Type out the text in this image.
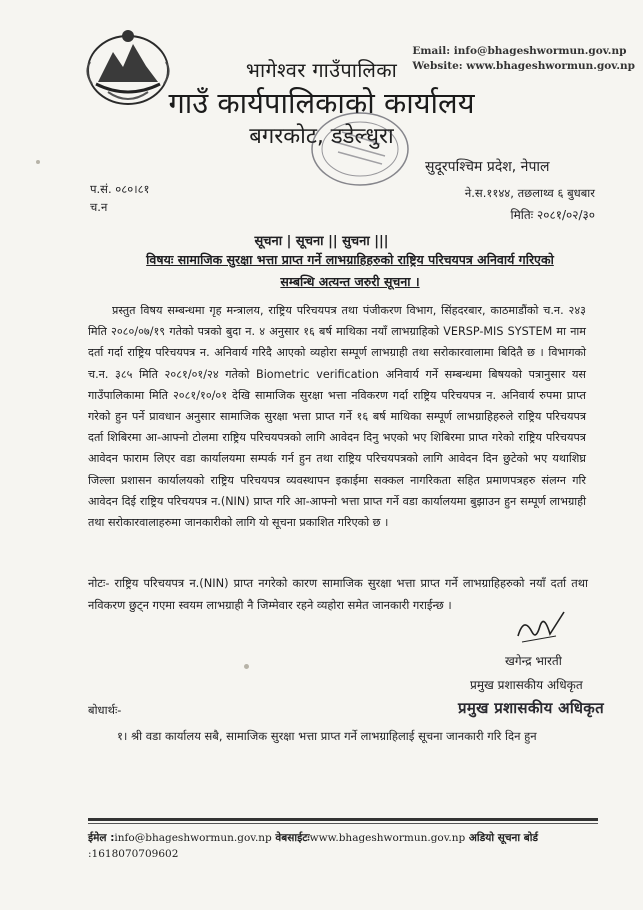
Email: info@bhageshwormun.gov.np
Website: www.bhageshwormun.gov.np
भागेश्वर गाउँपालिका
गाउँ कार्यपालिकाको कार्यालय
बगरकोट, डडेल्धुरा
सुदूरपश्चिम प्रदेश, नेपाल
प.सं. ०८०।८१
च.न
ने.स.११४४, तछलाथ्व ६ बुधबार
मितिः २०८१/०२/३०
सूचना | सूचना || सुचना |||
विषयः सामाजिक सुरक्षा भत्ता प्राप्त गर्ने लाभग्राहिहरुको राष्ट्रिय परिचयपत्र अनिवार्य गरिएको
सम्बन्धि अत्यन्त जरुरी सूचना ।
प्रस्तुत विषय सम्बन्धमा गृह मन्त्रालय, राष्ट्रिय परिचयपत्र तथा पंजीकरण विभाग, सिंहदरबार, काठमाडौंको च.न. २४३ मिति २०८०/०७/१९ गतेको पत्रको बुदा न. ४ अनुसार १६ बर्ष माथिका नयाँ लाभग्राहिको VERSP-MIS SYSTEM मा नाम दर्ता गर्दा राष्ट्रिय परिचयपत्र न. अनिवार्य गरिदै आएको व्यहोरा सम्पूर्ण लाभग्राही तथा सरोकारवालामा बिदितै छ । विभागको च.न. ३८५ मिति २०८१/०१/२४ गतेको Biometric verification अनिवार्य गर्ने सम्बन्धमा बिषयको पत्रानुसार यस गाउँपालिकामा मिति २०८१/१०/०१ देखि सामाजिक सुरक्षा भत्ता नविकरण गर्दा राष्ट्रिय परिचयपत्र न. अनिवार्य रुपमा प्राप्त गरेको हुन पर्ने प्रावधान अनुसार सामाजिक सुरक्षा भत्ता प्राप्त गर्ने १६ बर्ष माथिका सम्पूर्ण लाभग्राहिहरुले राष्ट्रिय परिचयपत्र दर्ता शिबिरमा आ-आफ्नो टोलमा राष्ट्रिय परिचयपत्रको लागि आवेदन दिनु भएको भए शिबिरमा प्राप्त गरेको राष्ट्रिय परिचयपत्र आवेदन फाराम लिएर वडा कार्यालयमा सम्पर्क गर्न हुन तथा राष्ट्रिय परिचयपत्रको लागि आवेदन दिन छुटेको भए यथाशिघ्र जिल्ला प्रशासन कार्यालयको राष्ट्रिय परिचयपत्र व्यवस्थापन इकाईमा सक्कल नागरिकता सहित प्रमाणपत्रहरु संलग्न गरि आवेदन दिई राष्ट्रिय परिचयपत्र न.(NIN) प्राप्त गरि आ-आफ्नो भत्ता प्राप्त गर्ने वडा कार्यालयमा बुझाउन हुन सम्पूर्ण लाभग्राही तथा सरोकारवालाहरुमा जानकारीको लागि यो सूचना प्रकाशित गरिएको छ ।
नोटः- राष्ट्रिय परिचयपत्र न.(NIN) प्राप्त नगरेको कारण सामाजिक सुरक्षा भत्ता प्राप्त गर्ने लाभग्राहिहरुको नयाँ दर्ता तथा नविकरण छुट्न गएमा स्वयम लाभग्राही नै जिम्मेवार रहने व्यहोरा समेत जानकारी गराईन्छ ।
खगेन्द्र भारती
प्रमुख प्रशासकीय अधिकृत
प्रमुख प्रशासकीय अधिकृत
बोधार्थः-
१। श्री वडा कार्यालय सबै, सामाजिक सुरक्षा भत्ता प्राप्त गर्ने लाभग्राहिलाई सूचना जानकारी गरि दिन हुन
ईमेल :info@bhageshwormun.gov.np वेबसाईटःwww.bhageshwormun.gov.np अडियो सूचना बोर्ड
:1618070709602
